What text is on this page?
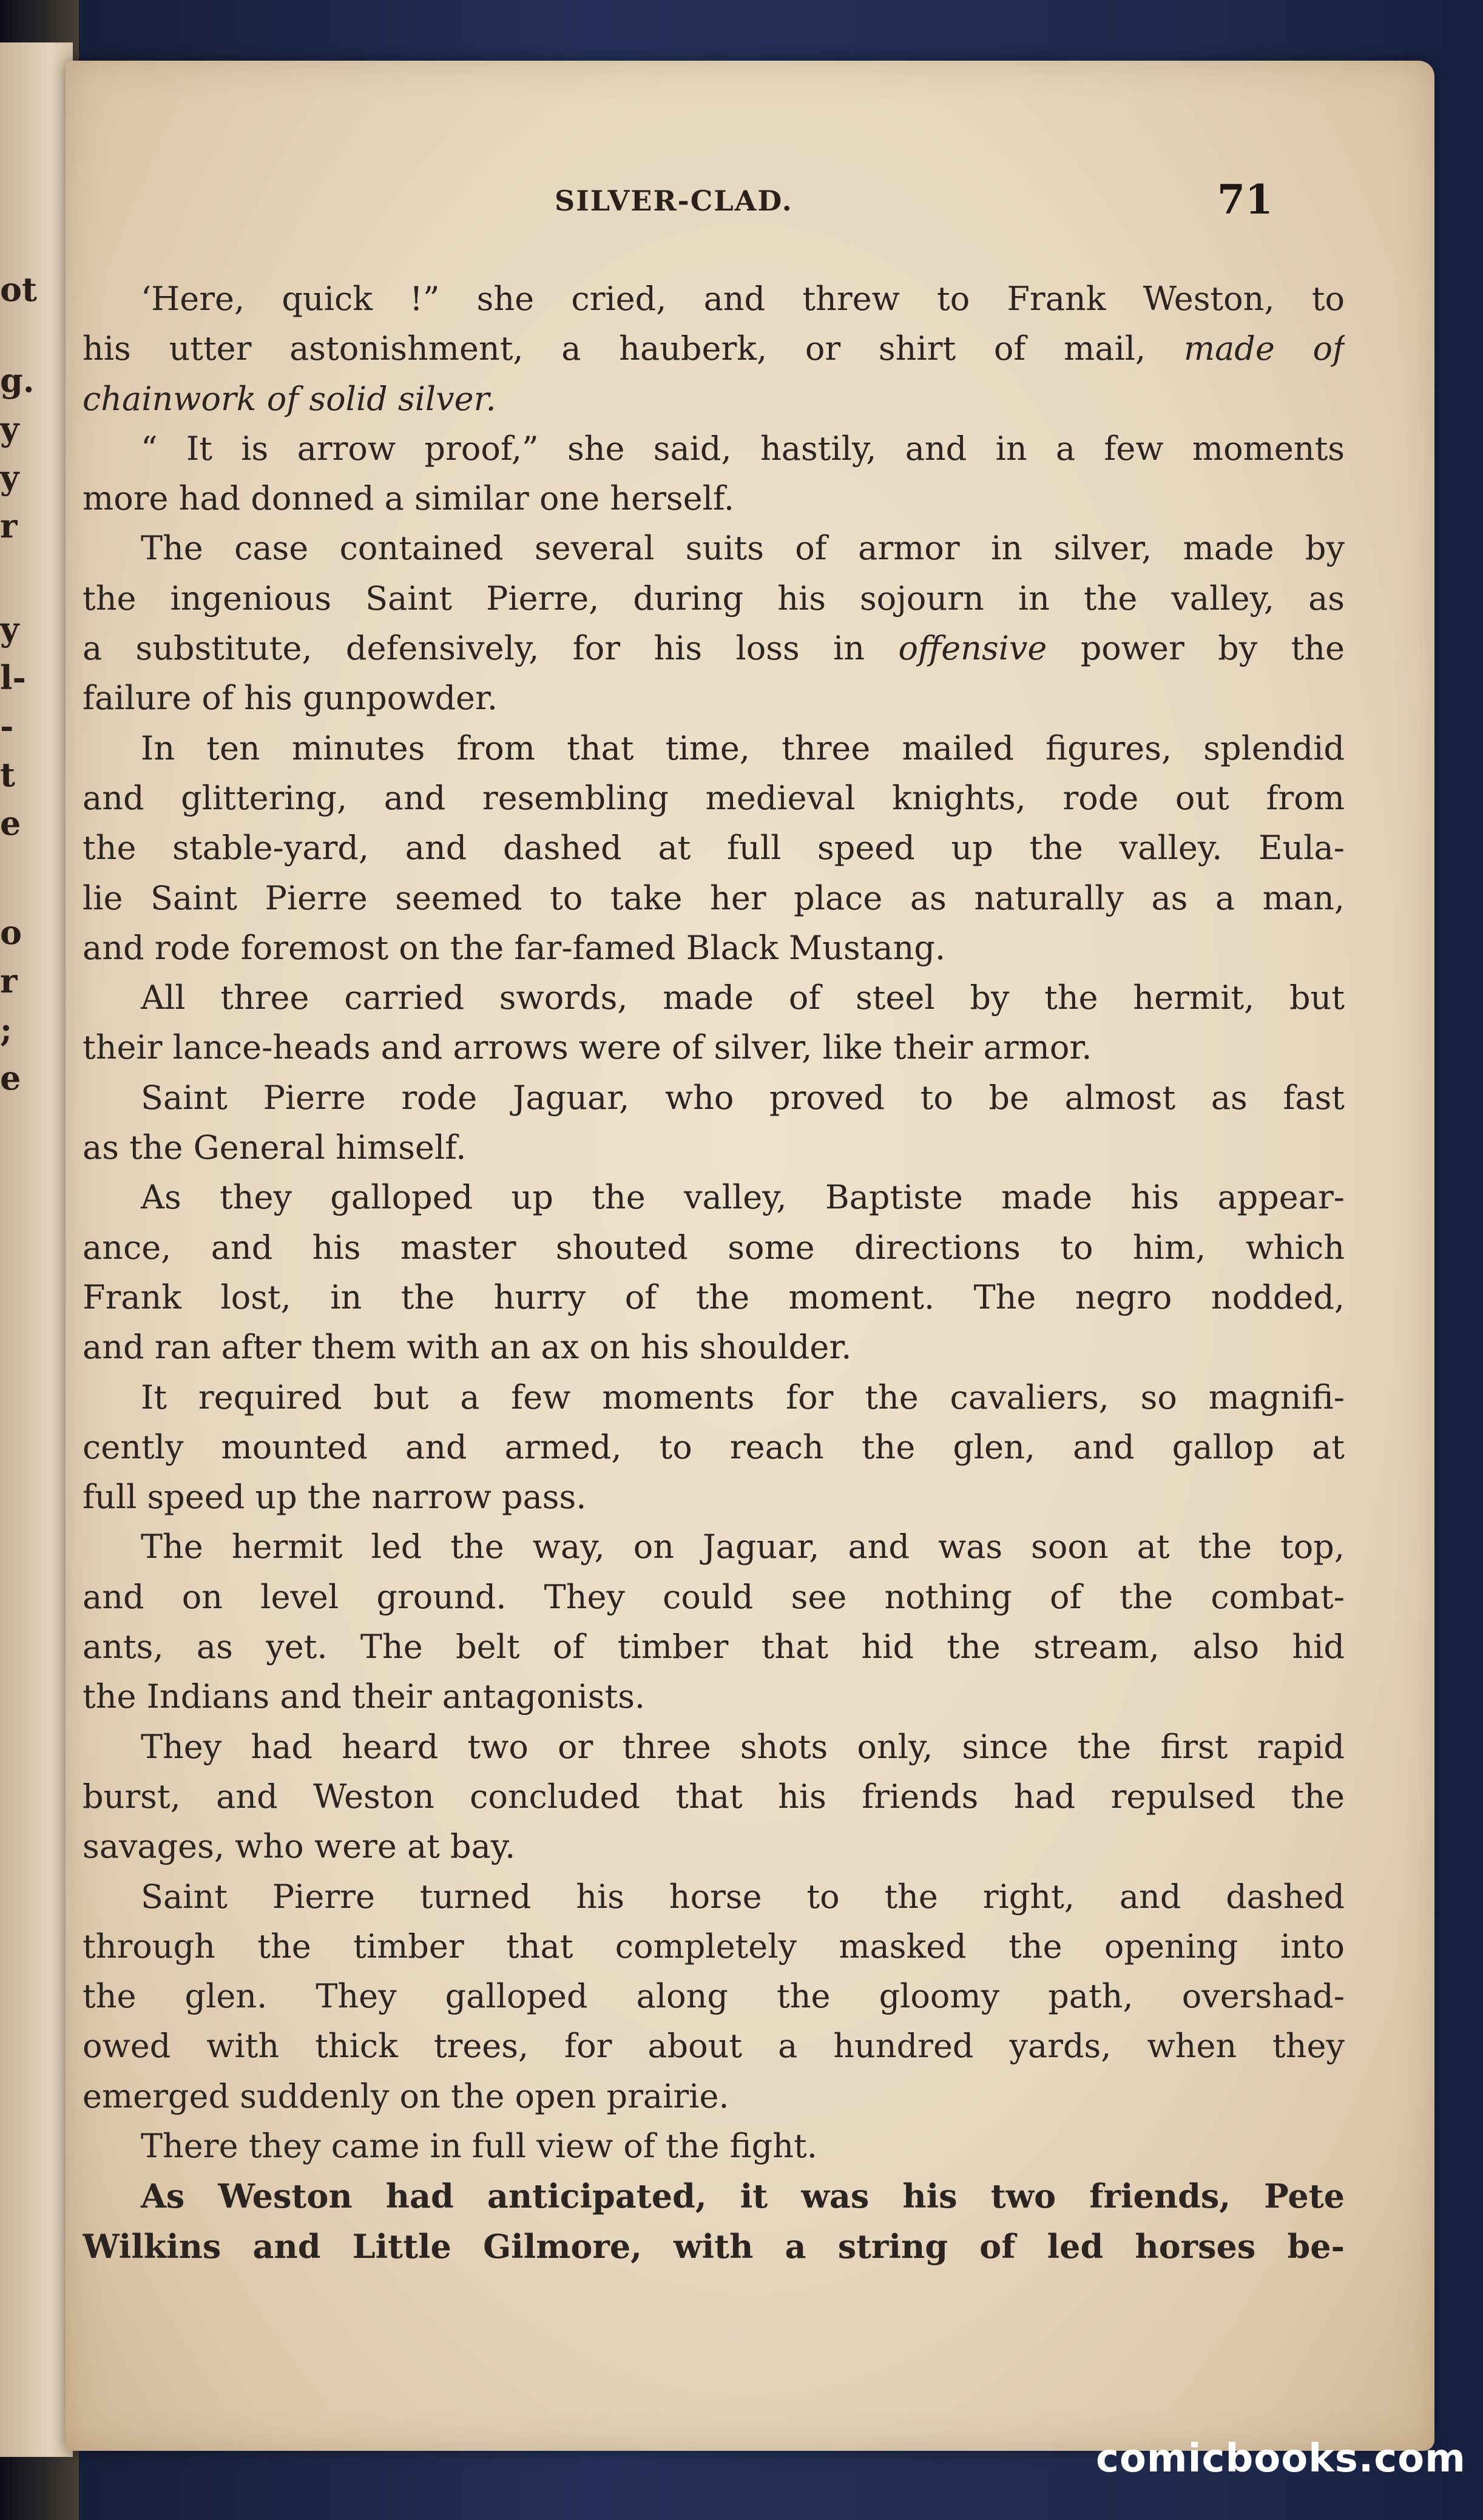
ot
g.
y
y
r
y
l-
-
t
e
o
r
;
e
SILVER-CLAD.	71
‘Here, quick !” she cried, and threw to Frank Weston, to
his utter astonishment, a hauberk, or shirt of mail, made of
chainwork of solid silver.
“ It is arrow proof,” she said, hastily, and in a few moments
more had donned a similar one herself.
The case contained several suits of armor in silver, made by
the ingenious Saint Pierre, during his sojourn in the valley, as
a substitute, defensively, for his loss in offensive power by the
failure of his gunpowder.
In ten minutes from that time, three mailed figures, splendid
and glittering, and resembling medieval knights, rode out from
the stable-yard, and dashed at full speed up the valley. Eula-
lie Saint Pierre seemed to take her place as naturally as a man,
and rode foremost on the far-famed Black Mustang.
All three carried swords, made of steel by the hermit, but
their lance-heads and arrows were of silver, like their armor.
Saint Pierre rode Jaguar, who proved to be almost as fast
as the General himself.
As they galloped up the valley, Baptiste made his appear-
ance, and his master shouted some directions to him, which
Frank lost, in the hurry of the moment. The negro nodded,
and ran after them with an ax on his shoulder.
It required but a few moments for the cavaliers, so magnifi-
cently mounted and armed, to reach the glen, and gallop at
full speed up the narrow pass.
The hermit led the way, on Jaguar, and was soon at the top,
and on level ground. They could see nothing of the combat-
ants, as yet. The belt of timber that hid the stream, also hid
the Indians and their antagonists.
They had heard two or three shots only, since the first rapid
burst, and Weston concluded that his friends had repulsed the
savages, who were at bay.
Saint Pierre turned his horse to the right, and dashed
through the timber that completely masked the opening into
the glen. They galloped along the gloomy path, overshad-
owed with thick trees, for about a hundred yards, when they
emerged suddenly on the open prairie.
There they came in full view of the fight.
As Weston had anticipated, it was his two friends, Pete
Wilkins and Little Gilmore, with a string of led horses be-
comicbooks.com
